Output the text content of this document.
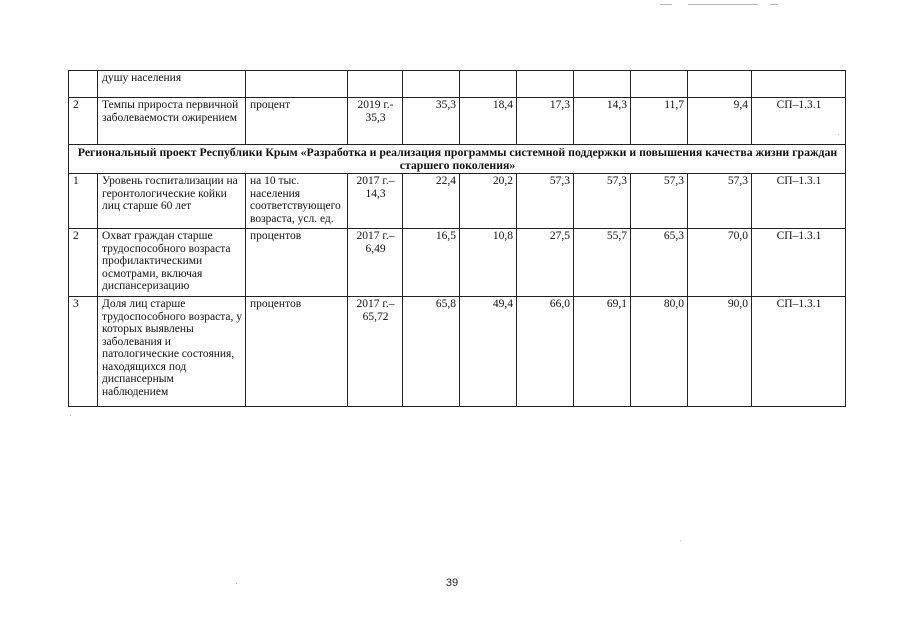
	душу населения									
2	Темпы прироста первичной заболеваемости ожирением	процент	2019 г.- 35,3	35,3	18,4	17,3	14,3	11,7	9,4	СП–1.3.1
Региональный проект Республики Крым «Разработка и реализация программы системной поддержки и повышения качества жизни граждан старшего поколения»										
1	Уровень госпитализации на геронтологические койки лиц старше 60 лет	на 10 тыс. населения соответствующего возраста, усл. ед.	2017 г.– 14,3	22,4	20,2	57,3	57,3	57,3	57,3	СП–1.3.1
2	Охват граждан старше трудоспособного возраста профилактическими осмотрами, включая диспансеризацию	процентов	2017 г.– 6,49	16,5	10,8	27,5	55,7	65,3	70,0	СП–1.3.1
3	Доля лиц старше трудоспособного возраста, у которых выявлены заболевания и патологические состояния, находящихся под диспансерным наблюдением	процентов	2017 г.– 65,72	65,8	49,4	66,0	69,1	80,0	90,0	СП–1.3.1
39
